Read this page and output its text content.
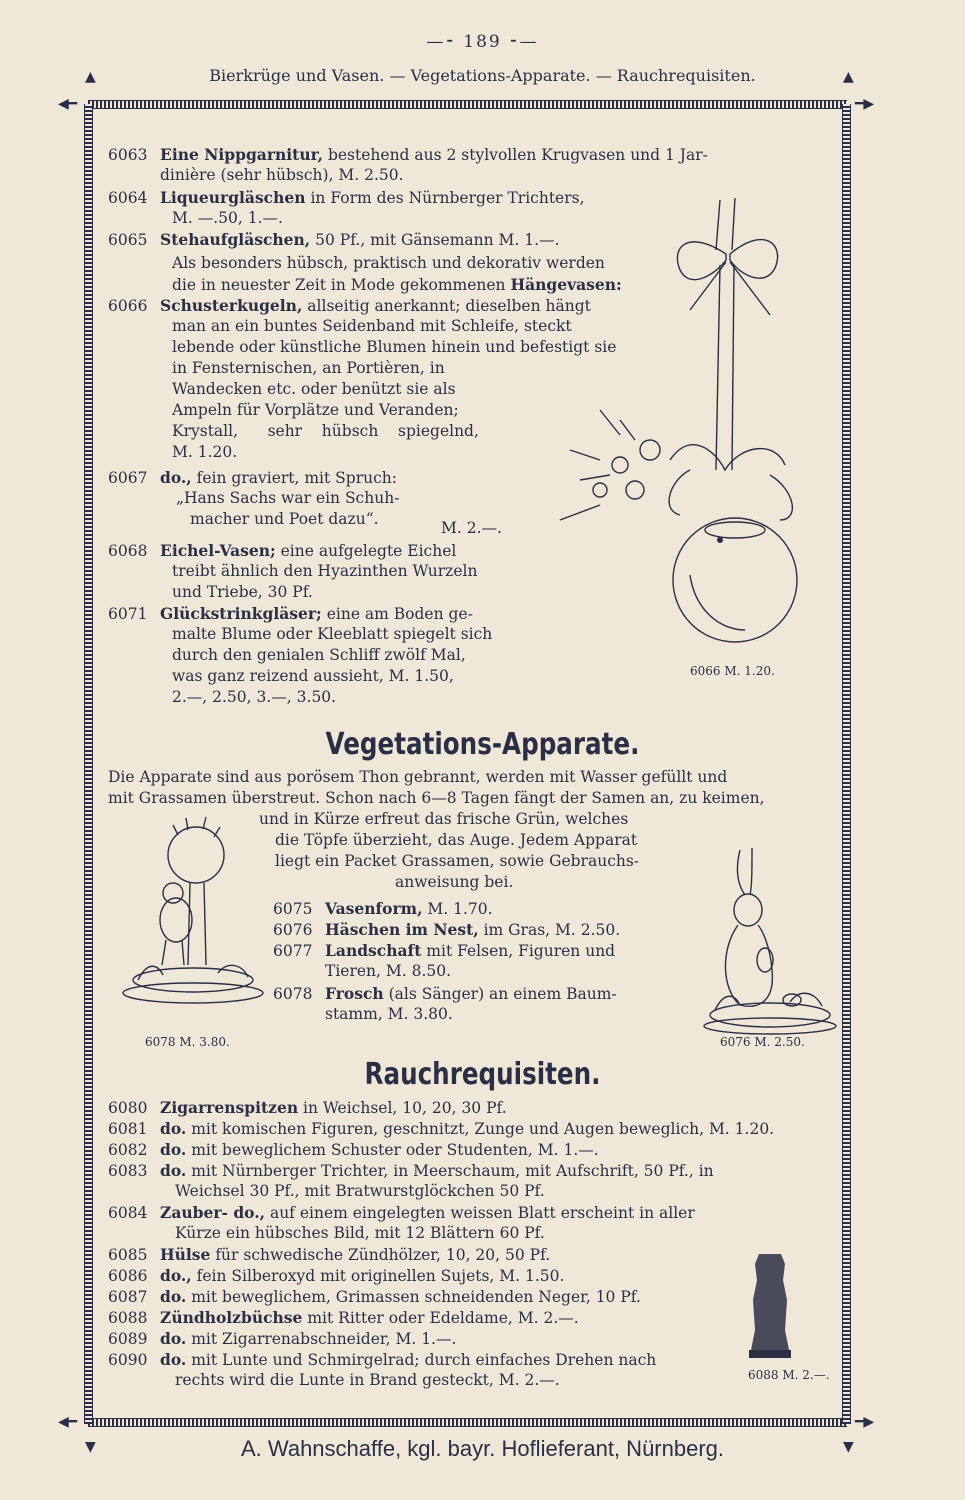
—⁃ 189 ⁃—
Bierkrüge und Vasen. — Vegetations-Apparate. — Rauchrequisiten.
◀━	━▶
◀━	━▶
▲	▲
▼	▼
6063 Eine Nippgarnitur, bestehend aus 2 stylvollen Krugvasen und 1 Jar-
dinière (sehr hübsch), M. 2.50.
6064 Liqueurgläschen in Form des Nürnberger Trichters,
M. —.50, 1.—.
6065 Stehaufgläschen, 50 Pf., mit Gänsemann M. 1.—.
Als besonders hübsch, praktisch und dekorativ werden
die in neuester Zeit in Mode gekommenen Hängevasen:
6066 Schusterkugeln, allseitig anerkannt; dieselben hängt
man an ein buntes Seidenband mit Schleife, steckt
lebende oder künstliche Blumen hinein und befestigt sie
in Fensternischen, an Portièren, in
Wandecken etc. oder benützt sie als
Ampeln für Vorplätze und Veranden;
Krystall,      sehr    hübsch    spiegelnd,
M. 1.20.
6067 do., fein graviert, mit Spruch:
„Hans Sachs war ein Schuh-
macher und Poet dazu“.	M. 2.—.
6068 Eichel-Vasen; eine aufgelegte Eichel
treibt ähnlich den Hyazinthen Wurzeln
und Triebe, 30 Pf.
6071 Glückstrinkgläser; eine am Boden ge-
malte Blume oder Kleeblatt spiegelt sich
durch den genialen Schliff zwölf Mal,
was ganz reizend aussieht, M. 1.50,
2.—, 2.50, 3.—, 3.50.
6066 M. 1.20.
Vegetations-Apparate.
Die Apparate sind aus porösem Thon gebrannt, werden mit Wasser gefüllt und
mit Grassamen überstreut. Schon nach 6—8 Tagen fängt der Samen an, zu keimen,
und in Kürze erfreut das frische Grün, welches
die Töpfe überzieht, das Auge. Jedem Apparat
liegt ein Packet Grassamen, sowie Gebrauchs-
anweisung bei.
6075 Vasenform, M. 1.70.
6076 Häschen im Nest, im Gras, M. 2.50.
6077 Landschaft mit Felsen, Figuren und
Tieren, M. 8.50.
6078 Frosch (als Sänger) an einem Baum-
stamm, M. 3.80.
6078 M. 3.80.	6076 M. 2.50.
Rauchrequisiten.
6080 Zigarrenspitzen in Weichsel, 10, 20, 30 Pf.
6081 do. mit komischen Figuren, geschnitzt, Zunge und Augen beweglich, M. 1.20.
6082 do. mit beweglichem Schuster oder Studenten, M. 1.—.
6083 do. mit Nürnberger Trichter, in Meerschaum, mit Aufschrift, 50 Pf., in
Weichsel 30 Pf., mit Bratwurstglöckchen 50 Pf.
6084 Zauber- do., auf einem eingelegten weissen Blatt erscheint in aller
Kürze ein hübsches Bild, mit 12 Blättern 60 Pf.
6085 Hülse für schwedische Zündhölzer, 10, 20, 50 Pf.
6086 do., fein Silberoxyd mit originellen Sujets, M. 1.50.
6087 do. mit beweglichem, Grimassen schneidenden Neger, 10 Pf.
6088 Zündholzbüchse mit Ritter oder Edeldame, M. 2.—.
6089 do. mit Zigarrenabschneider, M. 1.—.
6090 do. mit Lunte und Schmirgelrad; durch einfaches Drehen nach
rechts wird die Lunte in Brand gesteckt, M. 2.—.	6088 M. 2.—.
A. Wahnschaffe, kgl. bayr. Hoflieferant, Nürnberg.
